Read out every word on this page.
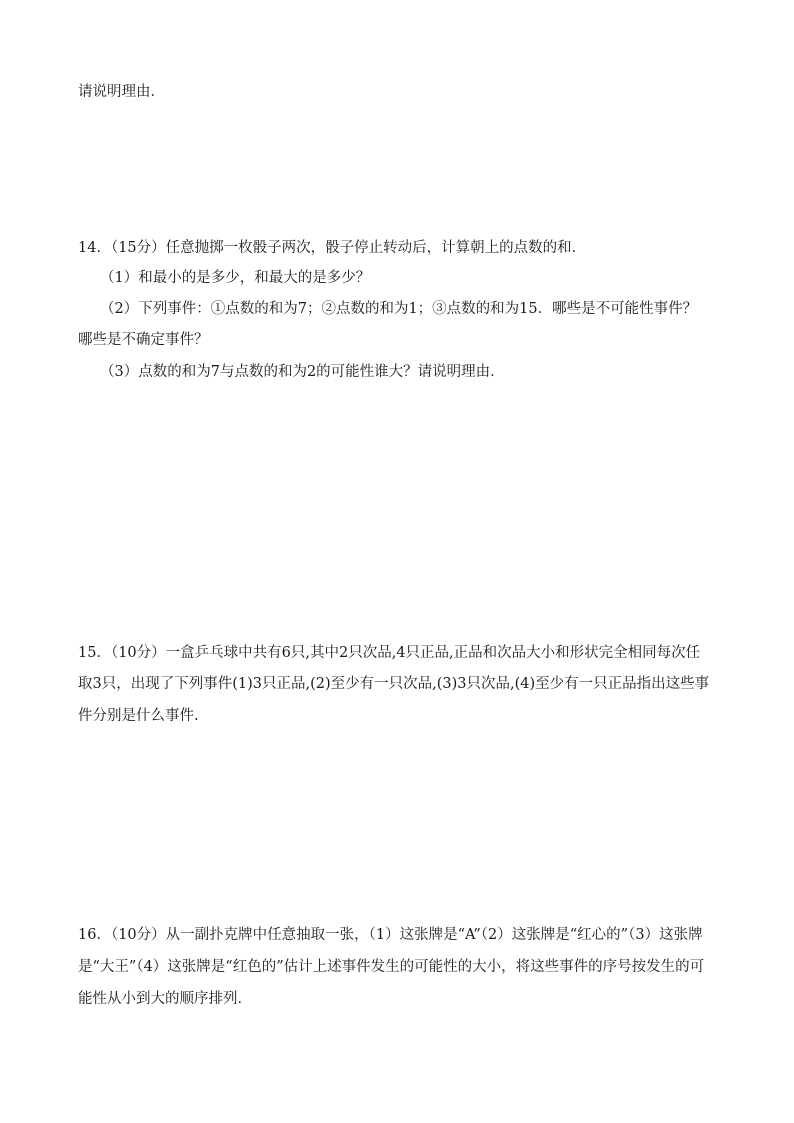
请说明理由．
14．（15分）任意抛掷一枚骰子两次，骰子停止转动后，计算朝上的点数的和．
（1）和最小的是多少，和最大的是多少？
（2）下列事件：①点数的和为7；②点数的和为1；③点数的和为15．哪些是不可能性事件？
哪些是不确定事件？
（3）点数的和为7与点数的和为2的可能性谁大？请说明理由．
15．（10分）一盒乒乓球中共有6只,其中2只次品,4只正品,正品和次品大小和形状完全相同每次任
取3只，出现了下列事件(1)3只正品,(2)至少有一只次品,(3)3只次品,(4)至少有一只正品指出这些事
件分别是什么事件.
16．（10分）从一副扑克牌中任意抽取一张，（1）这张牌是“A”（2）这张牌是“红心的”（3）这张牌
是“大王”（4）这张牌是“红色的”估计上述事件发生的可能性的大小，将这些事件的序号按发生的可
能性从小到大的顺序排列．
